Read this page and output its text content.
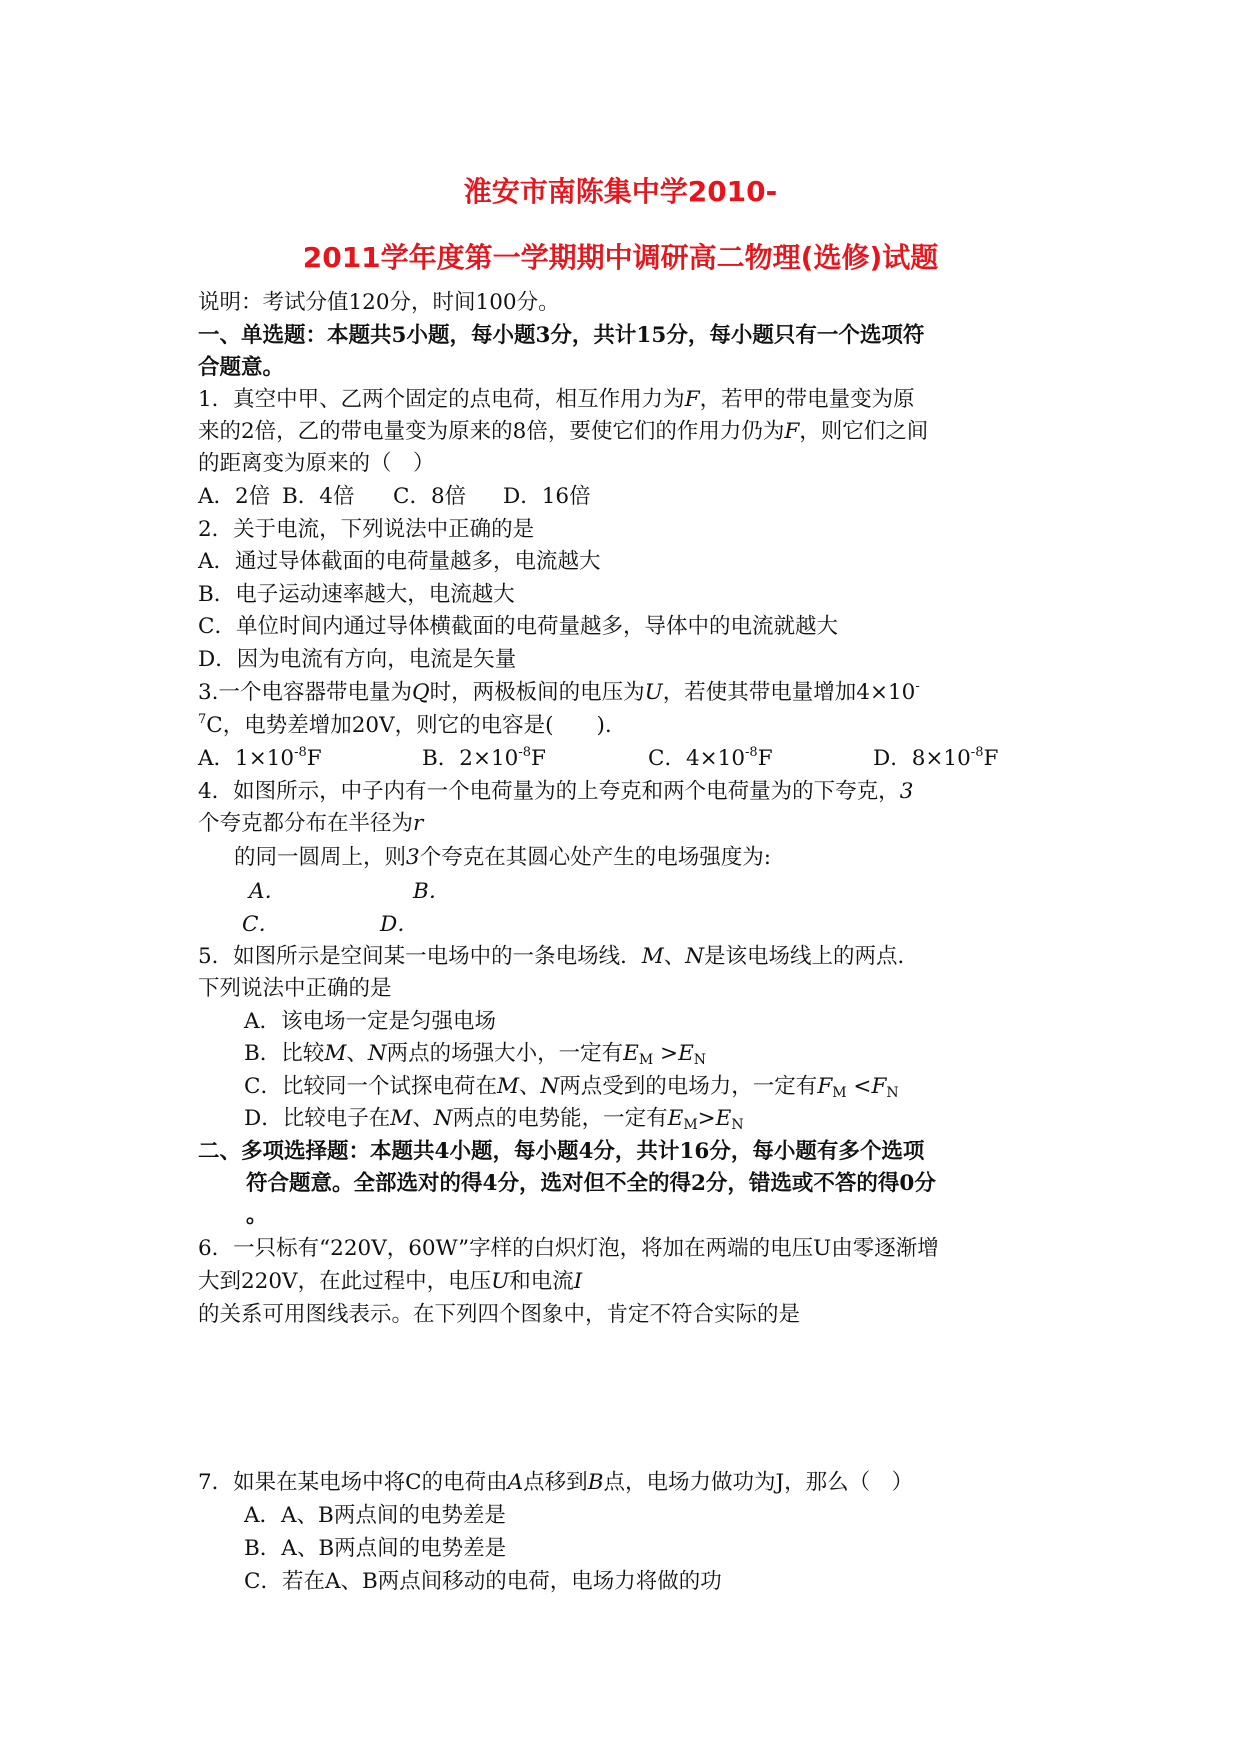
淮安市南陈集中学2010-
2011学年度第一学期期中调研高二物理(选修)试题
说明：考试分值120分，时间100分。
一、单选题：本题共5小题，每小题3分，共计15分，每小题只有一个选项符
合题意。
1．真空中甲、乙两个固定的点电荷，相互作用力为F，若甲的带电量变为原
来的2倍，乙的带电量变为原来的8倍，要使它们的作用力仍为F，则它们之间
的距离变为原来的（　）
A．2倍 B．4倍 C．8倍 D．16倍
2．关于电流，下列说法中正确的是
A．通过导体截面的电荷量越多，电流越大
B．电子运动速率越大，电流越大
C．单位时间内通过导体横截面的电荷量越多，导体中的电流就越大
D．因为电流有方向，电流是矢量
3.一个电容器带电量为Q时，两极板间的电压为U，若使其带电量增加4×10-
$^7$C，电势差增加20V，则它的电容是(　　).
A．$1\times 10^{-8}F$	B．$2\times 10^{-8}F$	C．$4\times 10^{-8}F$	D．$8\times 10^{-8}F$
4．如图所示，中子内有一个电荷量为的上夸克和两个电荷量为的下夸克，3
个夸克都分布在半径为r
的同一圆周上，则3个夸克在其圆心处产生的电场强度为:
A．	B．
C．	D．
5．如图所示是空间某一电场中的一条电场线．M、N是该电场线上的两点．
下列说法中正确的是
A．该电场一定是匀强电场
B．比较M、N两点的场强大小，一定有$E_M >E_N$
C．比较同一个试探电荷在M、N两点受到的电场力，一定有$F_M <F_N$
D．比较电子在M、N两点的电势能，一定有$E_M>E_N$
二、多项选择题：本题共4小题，每小题4分，共计16分，每小题有多个选项
符合题意。全部选对的得4分，选对但不全的得2分，错选或不答的得0分
。
6．一只标有“220V，60W”字样的白炽灯泡，将加在两端的电压U由零逐渐增
大到220V，在此过程中，电压U和电流I
的关系可用图线表示。在下列四个图象中，肯定不符合实际的是
7．如果在某电场中将C的电荷由A点移到B点，电场力做功为J，那么（　）
A．A、B两点间的电势差是
B．A、B两点间的电势差是
C．若在A、B两点间移动的电荷，电场力将做的功
